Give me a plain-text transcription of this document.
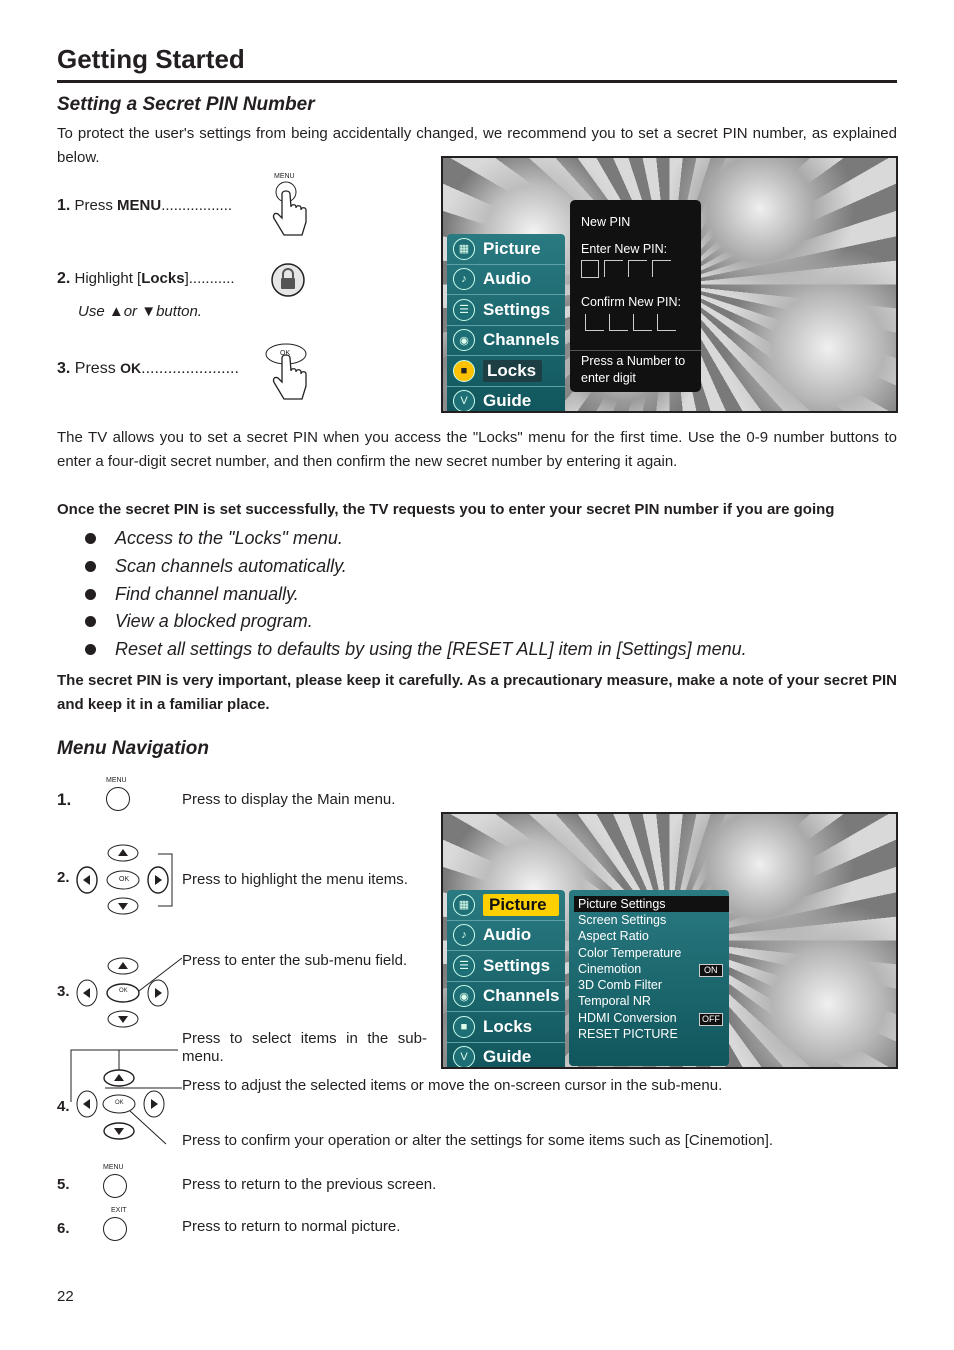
Getting Started
Setting a Secret PIN Number
To protect the user's settings from being accidentally changed, we recommend you to set a secret PIN number, as explained below.
1. Press MENU.................
MENU
2. Highlight [Locks]...........
Use ▲or ▼button.
3. Press OK......................
OK
▦ Picture
♪ Audio
☰ Settings
◉ Channels
■	Locks
V Guide
New PIN
Enter New PIN:
Confirm New PIN:
Press a Number to enter digit
The TV allows you to set a secret PIN when you access the "Locks" menu for the first time. Use the 0-9 number buttons to enter a four-digit secret number, and then confirm the new secret number by entering it again.
Once the secret PIN is set successfully, the TV requests you to enter your secret PIN number if you are going
Access to the "Locks" menu.
Scan channels automatically.
Find channel manually.
View a blocked program.
Reset all settings to defaults by using the [RESET ALL] item in [Settings] menu.
The secret PIN is very important, please keep it carefully. As a precautionary measure, make a note of your secret PIN and keep it in a familiar place.
Menu Navigation
1.
MENU
Press to display the Main menu.
2.	OK	Press to highlight the menu items.
3.	OK
Press to enter the sub-menu field.
Press to select items in the sub-menu.
4.	OK
Press to adjust the selected items or move the on-screen cursor in the sub-menu.
Press to confirm your operation or alter the settings for some items such as [Cinemotion].
5.
MENU
Press to return to the previous screen.
6.
EXIT
Press to return to normal picture.
▦	Picture
♪ Audio
☰ Settings
◉ Channels
■ Locks
V Guide
Picture Settings
Screen Settings
Aspect Ratio
Color Temperature
Cinemotion	ON
3D Comb Filter
Temporal NR
HDMI Conversion	OFF
RESET PICTURE
22
